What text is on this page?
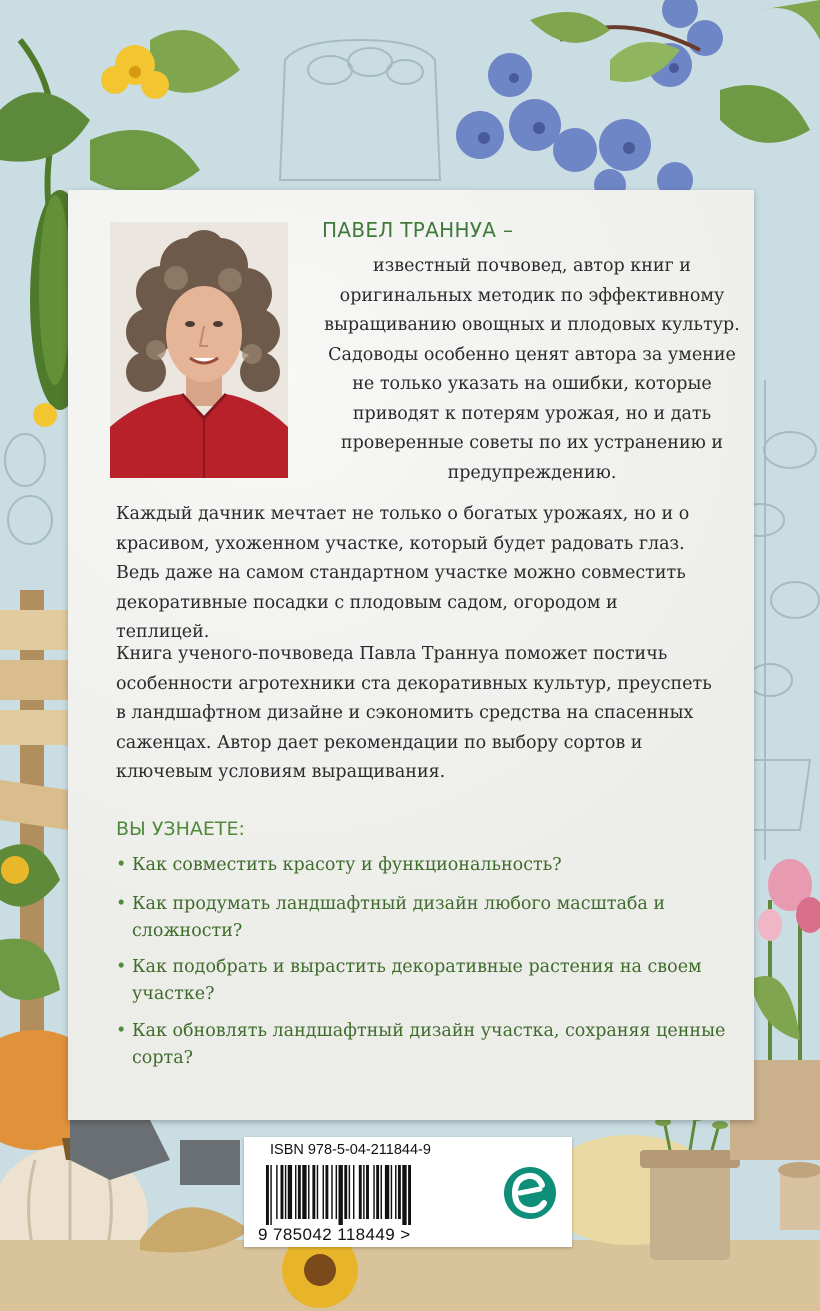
ПАВЕЛ ТРАННУА –

известный почвовед, автор книг и оригинальных методик по эффективному выращиванию овощных и плодовых культур. Садоводы особенно ценят автора за умение не только указать на ошибки, которые приводят к потерям урожая, но и дать проверенные советы по их устранению и предупреждению.

Каждый дачник мечтает не только о богатых урожаях, но и о красивом, ухоженном участке, который будет радовать глаз. Ведь даже на самом стандартном участке можно совместить декоративные посадки с плодовым садом, огородом и теплицей.

Книга ученого-почвоведа Павла Траннуа поможет постичь особенности агротехники ста декоративных культур, преуспеть в ландшафтном дизайне и сэкономить средства на спасенных саженцах. Автор дает рекомендации по выбору сортов и ключевым условиям выращивания.

ВЫ УЗНАЕТЕ:
• Как совместить красоту и функциональность?
• Как продумать ландшафтный дизайн любого масштаба и сложности?
• Как подобрать и вырастить декоративные растения на своем участке?
• Как обновлять ландшафтный дизайн участка, сохраняя ценные сорта?
ISBN 978-5-04-211844-9
9 785042 118449 >
